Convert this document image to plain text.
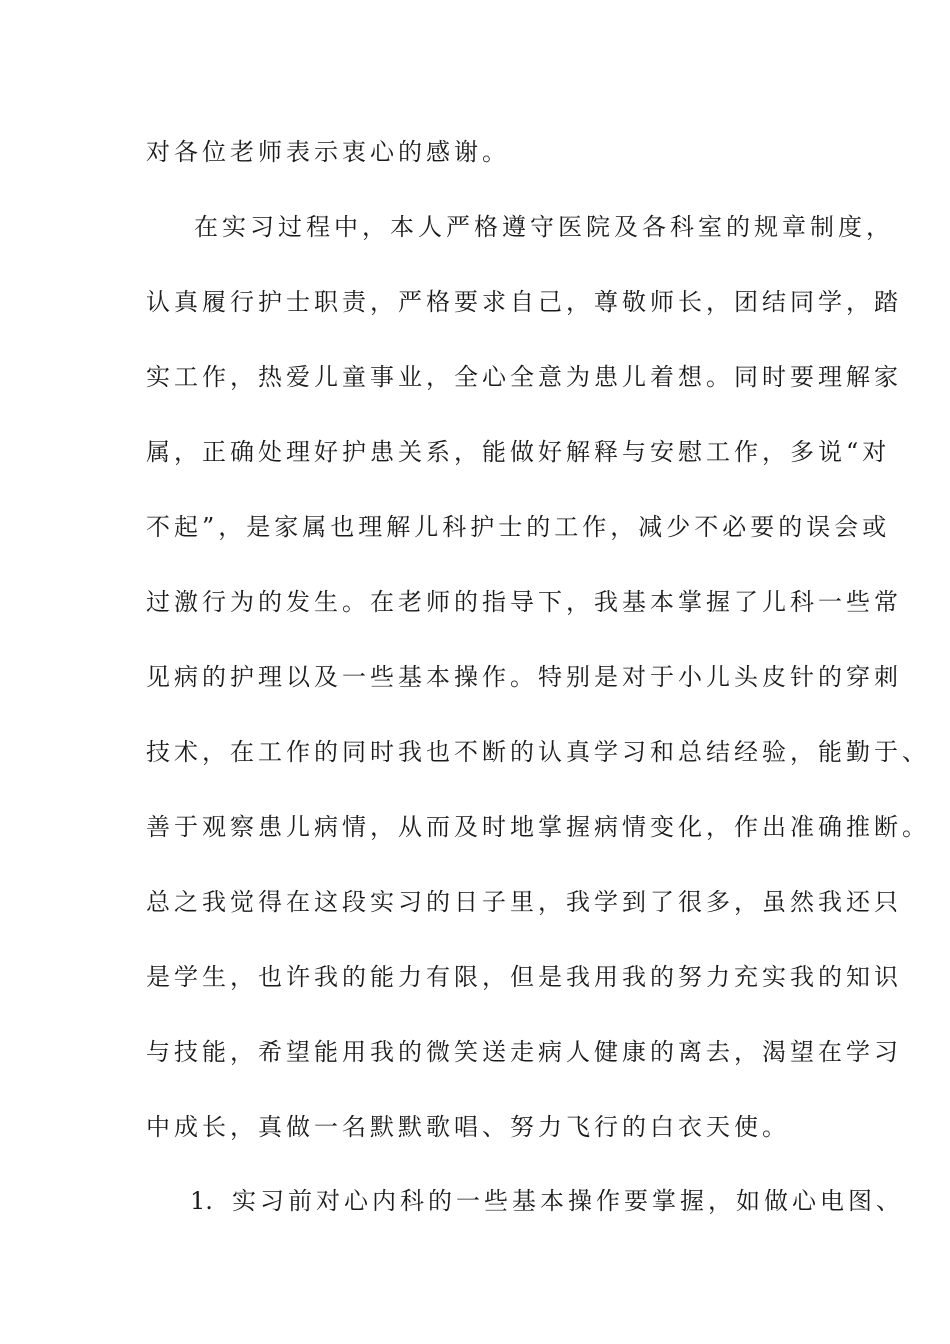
对各位老师表示衷心的感谢。
在实习过程中，本人严格遵守医院及各科室的规章制度，
认真履行护士职责，严格要求自己，尊敬师长，团结同学，踏
实工作，热爱儿童事业，全心全意为患儿着想。同时要理解家
属，正确处理好护患关系，能做好解释与安慰工作，多说“对
不起”，是家属也理解儿科护士的工作，减少不必要的误会或
过激行为的发生。在老师的指导下，我基本掌握了儿科一些常
见病的护理以及一些基本操作。特别是对于小儿头皮针的穿刺
技术，在工作的同时我也不断的认真学习和总结经验，能勤于、
善于观察患儿病情，从而及时地掌握病情变化，作出准确推断。
总之我觉得在这段实习的日子里，我学到了很多，虽然我还只
是学生，也许我的能力有限，但是我用我的努力充实我的知识
与技能，希望能用我的微笑送走病人健康的离去，渴望在学习
中成长，真做一名默默歌唱、努力飞行的白衣天使。
1. 实习前对心内科的一些基本操作要掌握，如做心电图、
